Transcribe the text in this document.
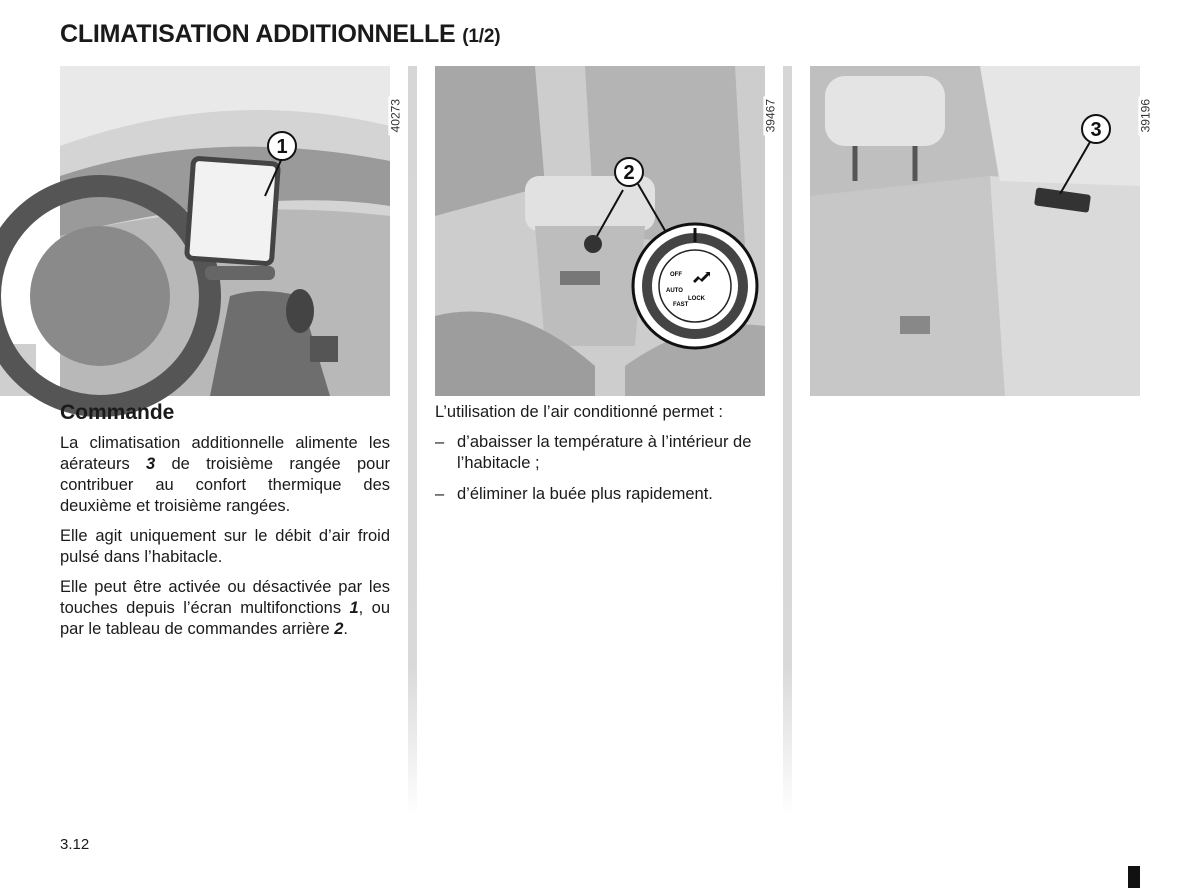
CLIMATISATION ADDITIONNELLE (1/2)
1
40273
2
OFF
AUTO
FAST
LOCK
39467	3	39196
Commande

La climatisation additionnelle alimente les aérateurs 3 de troisième rangée pour contribuer au confort thermique des deuxième et troisième rangées.

Elle agit uniquement sur le débit d’air froid pulsé dans l’habitacle.

Elle peut être activée ou désactivée par les touches depuis l’écran multifonctions 1, ou par le tableau de commandes arrière 2.

L’utilisation de l’air conditionné permet :

– d’abaisser la température à l’intérieur de l’habitacle ;
– d’éliminer la buée plus rapidement.
3.12
